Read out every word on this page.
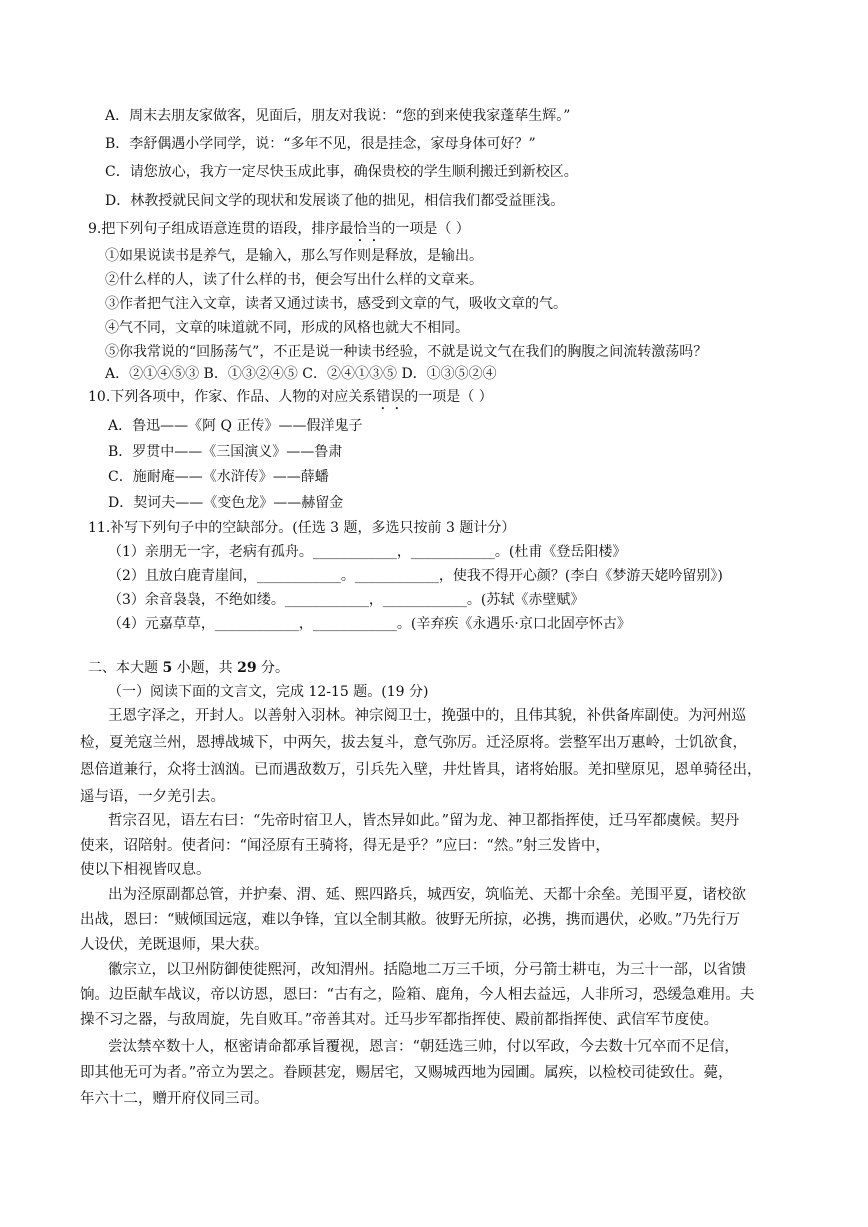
A．周末去朋友家做客，见面后，朋友对我说：“您的到来使我家蓬荜生辉。”
B．李舒偶遇小学同学，说：“多年不见，很是挂念，家母身体可好？”
C．请您放心，我方一定尽快玉成此事，确保贵校的学生顺利搬迁到新校区。
D．林教授就民间文学的现状和发展谈了他的拙见，相信我们都受益匪浅。
9.把下列句子组成语意连贯的语段，排序最恰当的一项是（ ）
①如果说读书是养气，是输入，那么写作则是释放，是输出。
②什么样的人，读了什么样的书，便会写出什么样的文章来。
③作者把气注入文章，读者又通过读书，感受到文章的气，吸收文章的气。
④气不同，文章的味道就不同，形成的风格也就大不相同。
⑤你我常说的“回肠荡气”，不正是说一种读书经验，不就是说文气在我们的胸腹之间流转激荡吗？
A．②①④⑤③ B．①③②④⑤ C．②④①③⑤ D．①③⑤②④
10.下列各项中，作家、作品、人物的对应关系错误的一项是（ ）
A．鲁迅——《阿 Q 正传》——假洋鬼子
B．罗贯中——《三国演义》——鲁肃
C．施耐庵——《水浒传》——薛蟠
D．契诃夫——《变色龙》——赫留金
11.补写下列句子中的空缺部分。(任选 3 题，多选只按前 3 题计分）
（1）亲朋无一字，老病有孤舟。____________，____________。(杜甫《登岳阳楼》
（2）且放白鹿青崖间，____________。____________，使我不得开心颜？(李白《梦游天姥吟留别》)
（3）余音袅袅，不绝如缕。____________，____________。(苏轼《赤壁赋》
（4）元嘉草草，____________，____________。(辛弃疾《永遇乐·京口北固亭怀古》
二、本大题 5 小题，共 29 分。
（一）阅读下面的文言文，完成 12-15 题。(19 分)
王恩字泽之，开封人。以善射入羽林。神宗阅卫士，挽强中的，且伟其貌，补供备库副使。为河州巡
检，夏羌寇兰州，恩搏战城下，中两矢，拔去复斗，意气弥厉。迁泾原将。尝整军出万惠岭，士饥欲食，
恩倍道兼行，众将士汹汹。已而遇敌数万，引兵先入壁，井灶皆具，诸将始服。羌扣壁原见，恩单骑径出，
遥与语，一夕羌引去。
哲宗召见，语左右曰：“先帝时宿卫人，皆杰异如此。”留为龙、神卫都指挥使，迁马军都虞候。契丹
使来，诏陪射。使者问：“闻泾原有王骑将，得无是乎？”应曰：“然。”射三发皆中，
使以下相视皆叹息。
出为泾原副都总管，并护秦、渭、延、熙四路兵，城西安，筑临羌、天都十余垒。羌围平夏，诸校欲
出战，恩曰：“贼倾国远寇，难以争锋，宜以全制其敝。彼野无所掠，必携，携而遇伏，必败。”乃先行万
人设伏，羌既退师，果大获。
徽宗立，以卫州防御使徙熙河，改知渭州。括隐地二万三千顷，分弓箭士耕屯，为三十一部，以省馈
饷。边臣献车战议，帝以访恩，恩曰：“古有之，险箱、鹿角，今人相去益远，人非所习，恐缓急难用。夫
操不习之器，与敌周旋，先自败耳。”帝善其对。迁马步军都指挥使、殿前都指挥使、武信军节度使。
尝汰禁卒数十人，枢密请命都承旨覆视，恩言：“朝廷选三帅，付以军政，今去数十冗卒而不足信，
即其他无可为者。”帝立为罢之。眷顾甚宠，赐居宅，又赐城西地为园圃。属疾，以检校司徒致仕。薨，
年六十二，赠开府仪同三司。
